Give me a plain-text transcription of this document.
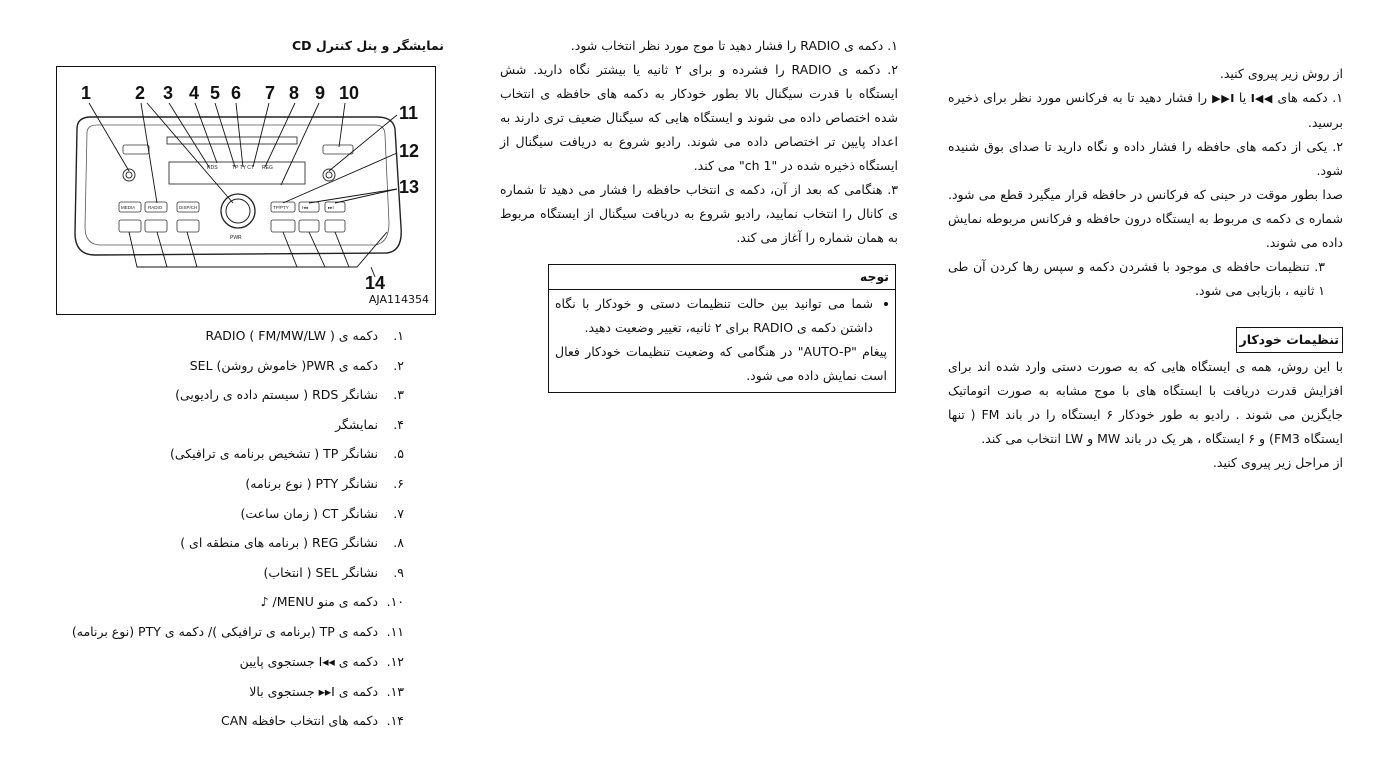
از روش زیر پیروی کنید.

۱. دکمه های ◀◀I یا I▶▶ را فشار دهید تا به فرکانس مورد نظر برای ذخیره برسید.

۲. یکی از دکمه های حافظه را فشار داده و نگاه دارید تا صدای بوق شنیده شود.

صدا بطور موقت در حینی که فرکانس در حافظه قرار میگیرد قطع می شود. شماره ی دکمه ی مربوط به ایستگاه درون حافظه و فرکانس مربوطه نمایش داده می شوند.

۳. تنظیمات حافظه ی موجود با فشردن دکمه و سپس رها کردن آن طی ۱ ثانیه ، بازیابی می شود.

تنظیمات خودکار

با این روش، همه ی ایستگاه هایی که به صورت دستی وارد شده اند برای افزایش قدرت دریافت با ایستگاه های با موج مشابه به صورت اتوماتیک جایگزین می شوند . رادیو به طور خودکار ۶ ایستگاه را در باند FM ( تنها ایستگاه FM3) و ۶ ایستگاه ، هر یک در باند MW و LW انتخاب می کند.

از مراحل زیر پیروی کنید.

۱. دکمه ی RADIO را فشار دهید تا موج مورد نظر انتخاب شود.

۲. دکمه ی RADIO را فشرده و برای ۲ ثانیه یا بیشتر نگاه دارید. شش ایستگاه با قدرت سیگنال بالا بطور خودکار به دکمه های حافظه ی انتخاب شده اختصاص داده می شوند و ایستگاه هایی که سیگنال ضعیف تری دارند به اعداد پایین تر اختصاص داده می شوند. رادیو شروع به دریافت سیگنال از ایستگاه ذخیره شده در "ch 1" می کند.

۳. هنگامی که بعد از آن، دکمه ی انتخاب حافظه را فشار می دهید تا شماره ی کانال را انتخاب نمایید، رادیو شروع به دریافت سیگنال از ایستگاه مربوط به همان شماره را آغاز می کند.

توجه
• شما می توانید بین حالت تنظیمات دستی و خودکار با نگاه داشتن دکمه ی RADIO برای ۲ ثانیه، تغییر وضعیت دهید.

پیغام "AUTO-P" در هنگامی که وضعیت تنظیمات خودکار فعال است نمایش داده می شود.

نمایشگر و پنل کنترل CD
1 2 3 4 5 6 7 8 9 10
11
12
13
14
RDS	TP TY CT REG
PWR
MEDIA	RADIO	DISP/CH	TP/PTY	I◂◂	▸▸I
AJA114354
۱. دکمه ی RADIO ( FM/MW/LW )
۲. دکمه ی PWR( خاموش روشن) SEL
۳. نشانگر RDS ( سیستم داده ی رادیویی)
۴. نمایشگر
۵. نشانگر TP ( تشخیص برنامه ی ترافیکی)
۶. نشانگر PTY ( نوع برنامه)
۷. نشانگر CT ( زمان ساعت)
۸. نشانگر REG ( برنامه های منطقه ای )
۹. نشانگر SEL ( انتخاب)
۱۰. دکمه ی منو MENU/ ♪
۱۱. دکمه ی TP (برنامه ی ترافیکی )/ دکمه ی PTY (نوع برنامه)
۱۲. دکمه ی ◂◂I جستجوی پایین
۱۳. دکمه ی I▸▸ جستجوی بالا
۱۴. دکمه های انتخاب حافظه CAN
